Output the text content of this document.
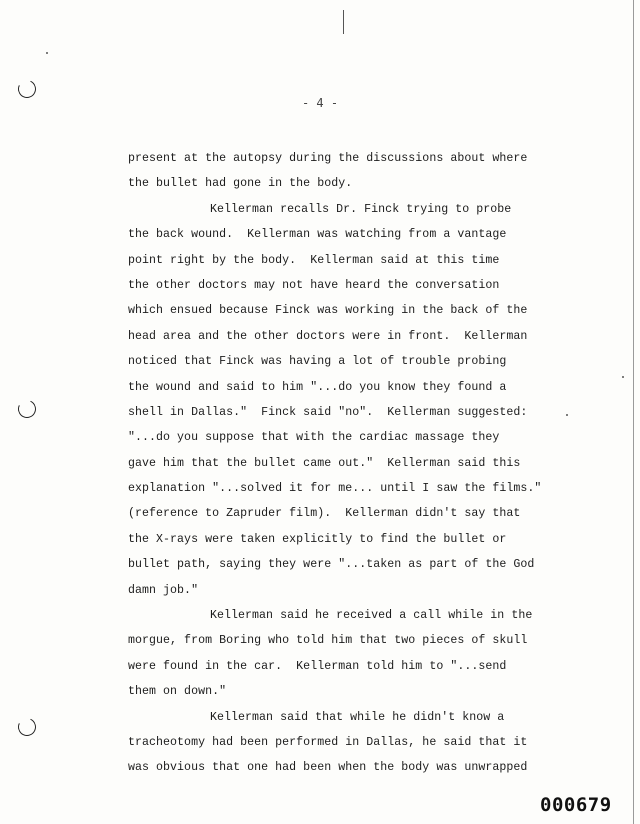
- 4 -
present at the autopsy during the discussions about where
the bullet had gone in the body.
Kellerman recalls Dr. Finck trying to probe
the back wound.  Kellerman was watching from a vantage
point right by the body.  Kellerman said at this time
the other doctors may not have heard the conversation
which ensued because Finck was working in the back of the
head area and the other doctors were in front.  Kellerman
noticed that Finck was having a lot of trouble probing
the wound and said to him "...do you know they found a
shell in Dallas."  Finck said "no".  Kellerman suggested:
"...do you suppose that with the cardiac massage they
gave him that the bullet came out."  Kellerman said this
explanation "...solved it for me... until I saw the films."
(reference to Zapruder film).  Kellerman didn't say that
the X-rays were taken explicitly to find the bullet or
bullet path, saying they were "...taken as part of the God
damn job."
Kellerman said he received a call while in the
morgue, from Boring who told him that two pieces of skull
were found in the car.  Kellerman told him to "...send
them on down."
Kellerman said that while he didn't know a
tracheotomy had been performed in Dallas, he said that it
was obvious that one had been when the body was unwrapped
000679
